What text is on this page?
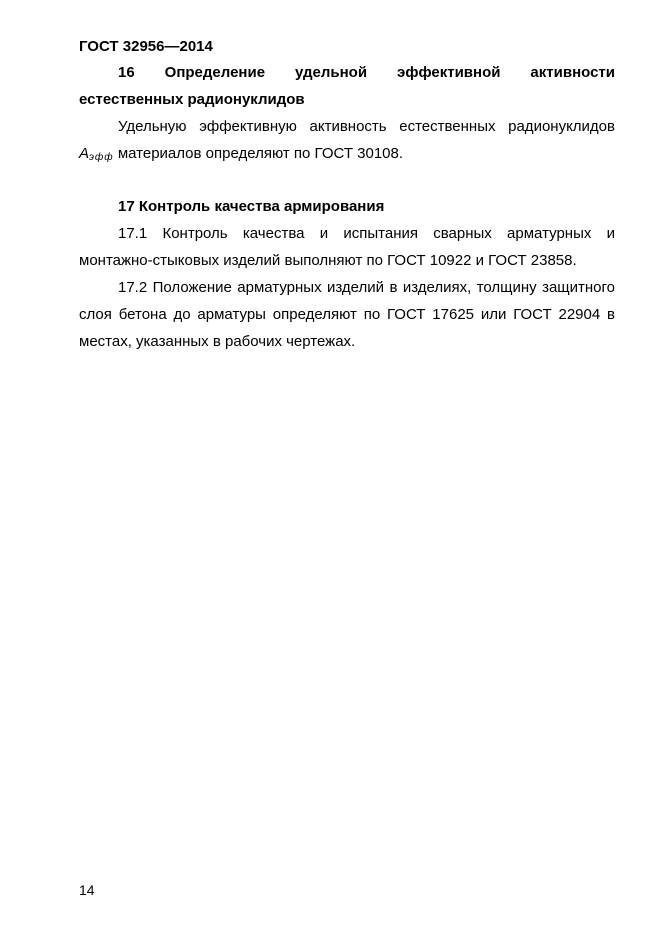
ГОСТ 32956—2014

16 Определение удельной эффективной активности

естественных радионуклидов

Удельную эффективную активность естественных радионуклидов

$А_{эфф}$ материалов определяют по ГОСТ 30108.

17 Контроль качества армирования

17.1 Контроль качества и испытания сварных арматурных и монтажно-стыковых изделий выполняют по ГОСТ 10922 и ГОСТ 23858.

17.2 Положение арматурных изделий в изделиях, толщину защитного слоя бетона до арматуры определяют по ГОСТ 17625 или ГОСТ 22904 в местах, указанных в рабочих чертежах.

14
